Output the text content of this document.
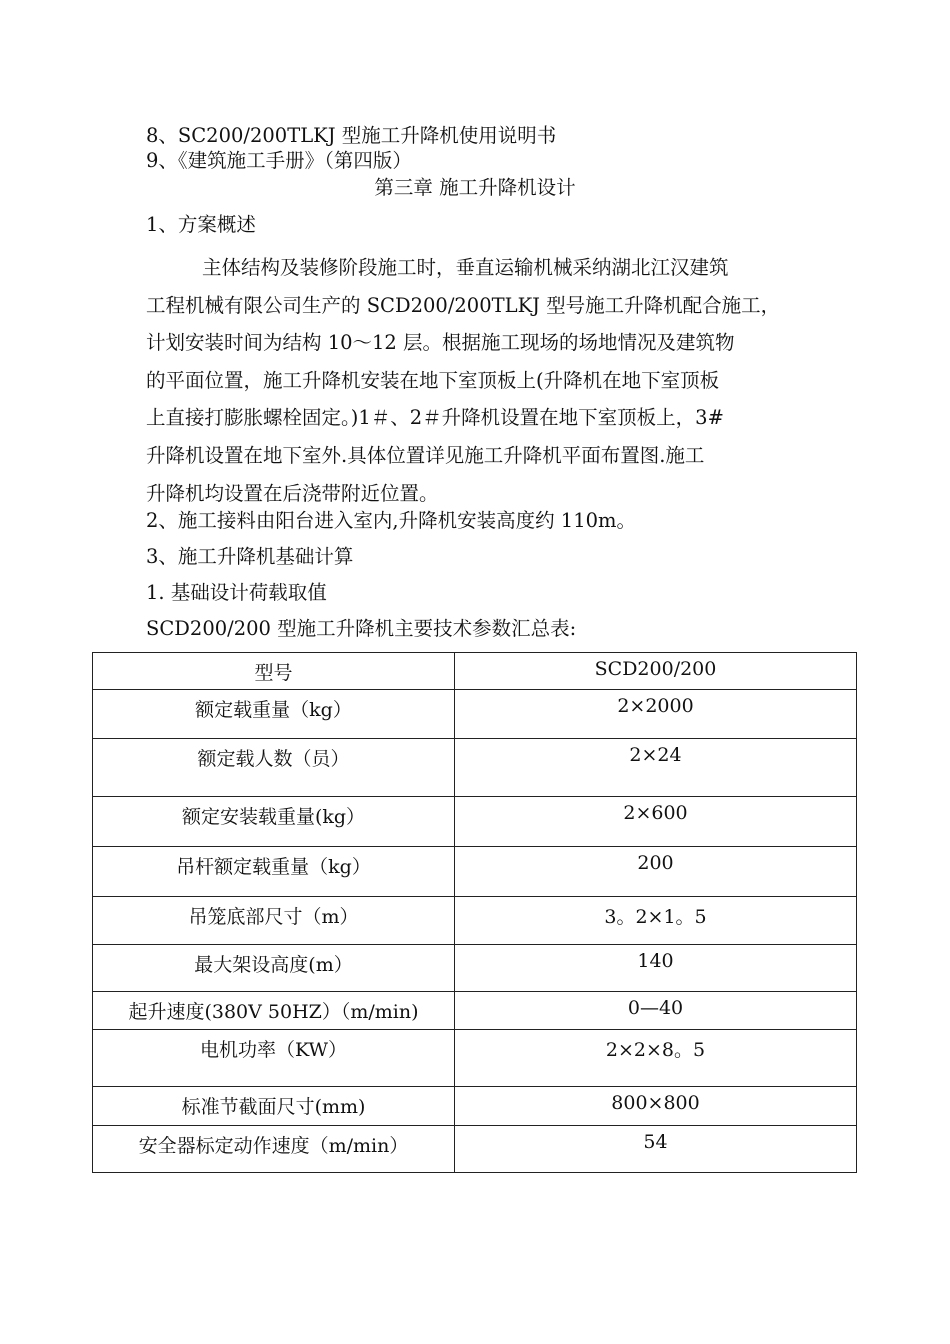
8、SC200/200TLKJ 型施工升降机使用说明书
9、《建筑施工手册》（第四版）
第三章 施工升降机设计
1、方案概述
主体结构及装修阶段施工时，垂直运输机械采纳湖北江汉建筑
工程机械有限公司生产的 SCD200/200TLKJ 型号施工升降机配合施工，
计划安装时间为结构 10～12 层。根据施工现场的场地情况及建筑物
的平面位置，施工升降机安装在地下室顶板上(升降机在地下室顶板
上直接打膨胀螺栓固定。)1＃、2＃升降机设置在地下室顶板上，3#
升降机设置在地下室外.具体位置详见施工升降机平面布置图.施工
升降机均设置在后浇带附近位置。
2、施工接料由阳台进入室内,升降机安装高度约 110m。
3、施工升降机基础计算
1. 基础设计荷载取值
SCD200/200 型施工升降机主要技术参数汇总表:
型号	SCD200/200
额定载重量（kg）	2×2000
额定载人数（员）	2×24
额定安装载重量(kg）	2×600
吊杆额定载重量（kg）	200
吊笼底部尺寸（m）	3。2×1。5
最大架设高度(m）	140
起升速度(380V 50HZ）（m/min)	0—40
电机功率（KW）	2×2×8。5
标准节截面尺寸(mm)	800×800
安全器标定动作速度（m/min）	54
